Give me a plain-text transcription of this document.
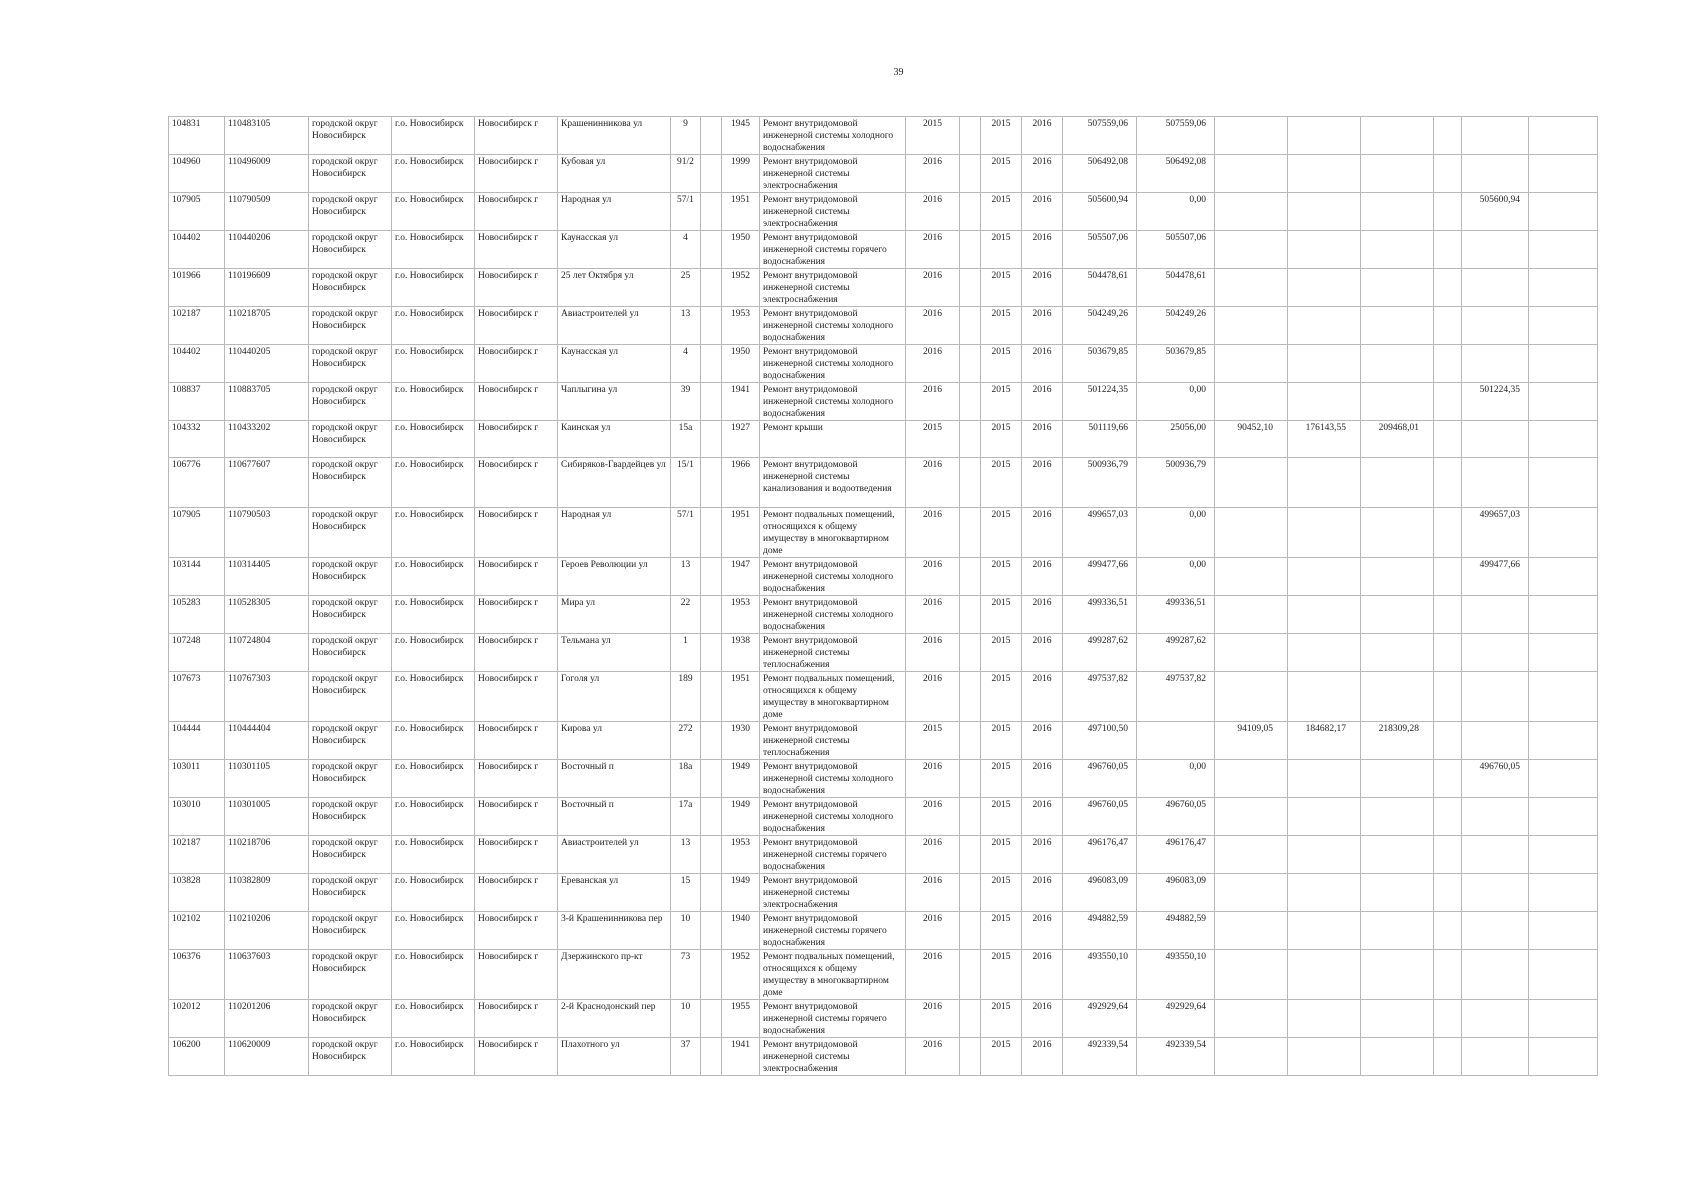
39
104831	110483105	городской округ Новосибирск	г.о. Новосибирск	Новосибирск г	Крашенинникова ул	9		1945	Ремонт внутридомовой инженерной системы холодного водоснабжения	2015		2015	2016	507559,06	507559,06						
104960	110496009	городской округ Новосибирск	г.о. Новосибирск	Новосибирск г	Кубовая ул	91/2		1999	Ремонт внутридомовой инженерной системы электроснабжения	2016		2015	2016	506492,08	506492,08						
107905	110790509	городской округ Новосибирск	г.о. Новосибирск	Новосибирск г	Народная ул	57/1		1951	Ремонт внутридомовой инженерной системы электроснабжения	2016		2015	2016	505600,94	0,00					505600,94	
104402	110440206	городской округ Новосибирск	г.о. Новосибирск	Новосибирск г	Каунасская ул	4		1950	Ремонт внутридомовой инженерной системы горячего водоснабжения	2016		2015	2016	505507,06	505507,06						
101966	110196609	городской округ Новосибирск	г.о. Новосибирск	Новосибирск г	25 лет Октября ул	25		1952	Ремонт внутридомовой инженерной системы электроснабжения	2016		2015	2016	504478,61	504478,61						
102187	110218705	городской округ Новосибирск	г.о. Новосибирск	Новосибирск г	Авиастроителей ул	13		1953	Ремонт внутридомовой инженерной системы холодного водоснабжения	2016		2015	2016	504249,26	504249,26						
104402	110440205	городской округ Новосибирск	г.о. Новосибирск	Новосибирск г	Каунасская ул	4		1950	Ремонт внутридомовой инженерной системы холодного водоснабжения	2016		2015	2016	503679,85	503679,85						
108837	110883705	городской округ Новосибирск	г.о. Новосибирск	Новосибирск г	Чаплыгина ул	39		1941	Ремонт внутридомовой инженерной системы холодного водоснабжения	2016		2015	2016	501224,35	0,00					501224,35	
104332	110433202	городской округ Новосибирск	г.о. Новосибирск	Новосибирск г	Каинская ул	15а		1927	Ремонт крыши	2015		2015	2016	501119,66	25056,00	90452,10	176143,55	209468,01			
106776	110677607	городской округ Новосибирск	г.о. Новосибирск	Новосибирск г	Сибиряков-Гвардейцев ул	15/1		1966	Ремонт внутридомовой инженерной системы канализования и водоотведения	2016		2015	2016	500936,79	500936,79						
107905	110790503	городской округ Новосибирск	г.о. Новосибирск	Новосибирск г	Народная ул	57/1		1951	Ремонт подвальных помещений, относящихся к общему имуществу в многоквартирном доме	2016		2015	2016	499657,03	0,00					499657,03	
103144	110314405	городской округ Новосибирск	г.о. Новосибирск	Новосибирск г	Героев Революции ул	13		1947	Ремонт внутридомовой инженерной системы холодного водоснабжения	2016		2015	2016	499477,66	0,00					499477,66	
105283	110528305	городской округ Новосибирск	г.о. Новосибирск	Новосибирск г	Мира ул	22		1953	Ремонт внутридомовой инженерной системы холодного водоснабжения	2016		2015	2016	499336,51	499336,51						
107248	110724804	городской округ Новосибирск	г.о. Новосибирск	Новосибирск г	Тельмана ул	1		1938	Ремонт внутридомовой инженерной системы теплоснабжения	2016		2015	2016	499287,62	499287,62						
107673	110767303	городской округ Новосибирск	г.о. Новосибирск	Новосибирск г	Гоголя ул	189		1951	Ремонт подвальных помещений, относящихся к общему имуществу в многоквартирном доме	2016		2015	2016	497537,82	497537,82						
104444	110444404	городской округ Новосибирск	г.о. Новосибирск	Новосибирск г	Кирова ул	272		1930	Ремонт внутридомовой инженерной системы теплоснабжения	2015		2015	2016	497100,50		94109,05	184682,17	218309,28			
103011	110301105	городской округ Новосибирск	г.о. Новосибирск	Новосибирск г	Восточный п	18а		1949	Ремонт внутридомовой инженерной системы холодного водоснабжения	2016		2015	2016	496760,05	0,00					496760,05	
103010	110301005	городской округ Новосибирск	г.о. Новосибирск	Новосибирск г	Восточный п	17а		1949	Ремонт внутридомовой инженерной системы холодного водоснабжения	2016		2015	2016	496760,05	496760,05						
102187	110218706	городской округ Новосибирск	г.о. Новосибирск	Новосибирск г	Авиастроителей ул	13		1953	Ремонт внутридомовой инженерной системы горячего водоснабжения	2016		2015	2016	496176,47	496176,47						
103828	110382809	городской округ Новосибирск	г.о. Новосибирск	Новосибирск г	Ереванская ул	15		1949	Ремонт внутридомовой инженерной системы электроснабжения	2016		2015	2016	496083,09	496083,09						
102102	110210206	городской округ Новосибирск	г.о. Новосибирск	Новосибирск г	3-й Крашенинникова пер	10		1940	Ремонт внутридомовой инженерной системы горячего водоснабжения	2016		2015	2016	494882,59	494882,59						
106376	110637603	городской округ Новосибирск	г.о. Новосибирск	Новосибирск г	Дзержинского пр-кт	73		1952	Ремонт подвальных помещений, относящихся к общему имуществу в многоквартирном доме	2016		2015	2016	493550,10	493550,10						
102012	110201206	городской округ Новосибирск	г.о. Новосибирск	Новосибирск г	2-й Краснодонский пер	10		1955	Ремонт внутридомовой инженерной системы горячего водоснабжения	2016		2015	2016	492929,64	492929,64						
106200	110620009	городской округ Новосибирск	г.о. Новосибирск	Новосибирск г	Плахотного ул	37		1941	Ремонт внутридомовой инженерной системы электроснабжения	2016		2015	2016	492339,54	492339,54						
